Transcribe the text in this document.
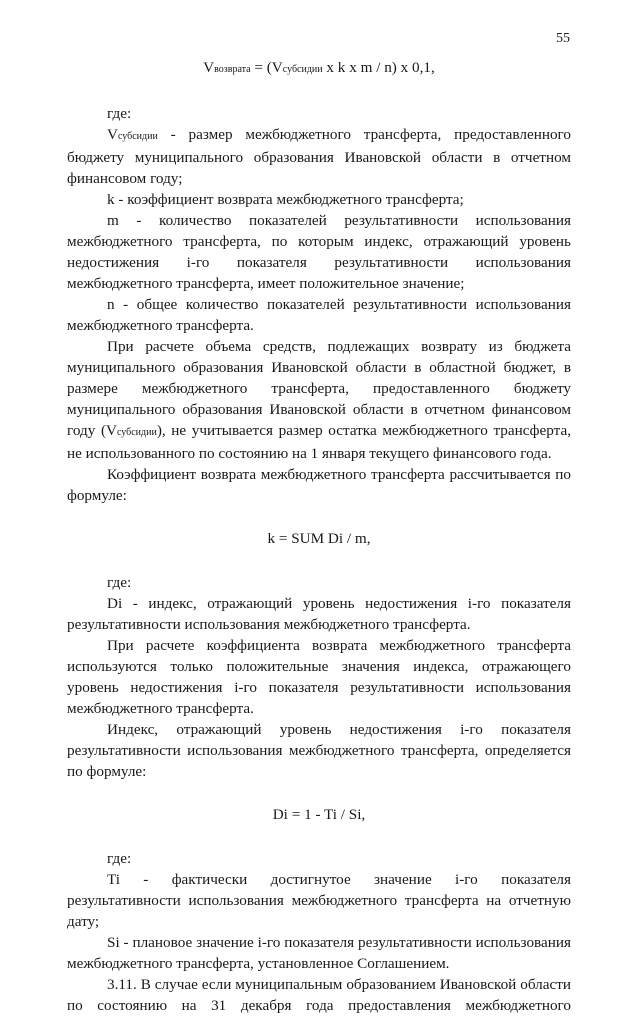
55
Vвозврата = (Vсубсидии x k x m / n) x 0,1,

где:

Vсубсидии - размер межбюджетного трансферта, предоставленного бюджету муниципального образования Ивановской области в отчетном финансовом году;

k - коэффициент возврата межбюджетного трансферта;

m - количество показателей результативности использования межбюджетного трансферта, по которым индекс, отражающий уровень недостижения i-го показателя результативности использования межбюджетного трансферта, имеет положительное значение;

n - общее количество показателей результативности использования межбюджетного трансферта.

При расчете объема средств, подлежащих возврату из бюджета муниципального образования Ивановской области в областной бюджет, в размере межбюджетного трансферта, предоставленного бюджету муниципального образования Ивановской области в отчетном финансовом году (Vсубсидии), не учитывается размер остатка межбюджетного трансферта, не использованного по состоянию на 1 января текущего финансового года.

Коэффициент возврата межбюджетного трансферта рассчитывается по формуле:

k = SUM Di / m,

где:

Di - индекс, отражающий уровень недостижения i-го показателя результативности использования межбюджетного трансферта.

При расчете коэффициента возврата межбюджетного трансферта используются только положительные значения индекса, отражающего уровень недостижения i-го показателя результативности использования межбюджетного трансферта.

Индекс, отражающий уровень недостижения i-го показателя результативности использования межбюджетного трансферта, определяется по формуле:

Di = 1 - Ti / Si,

где:

Ti - фактически достигнутое значение i-го показателя результативности использования межбюджетного трансферта на отчетную дату;

Si - плановое значение i-го показателя результативности использования межбюджетного трансферта, установленное Соглашением.

3.11. В случае если муниципальным образованием Ивановской области по состоянию на 31 декабря года предоставления межбюджетного
